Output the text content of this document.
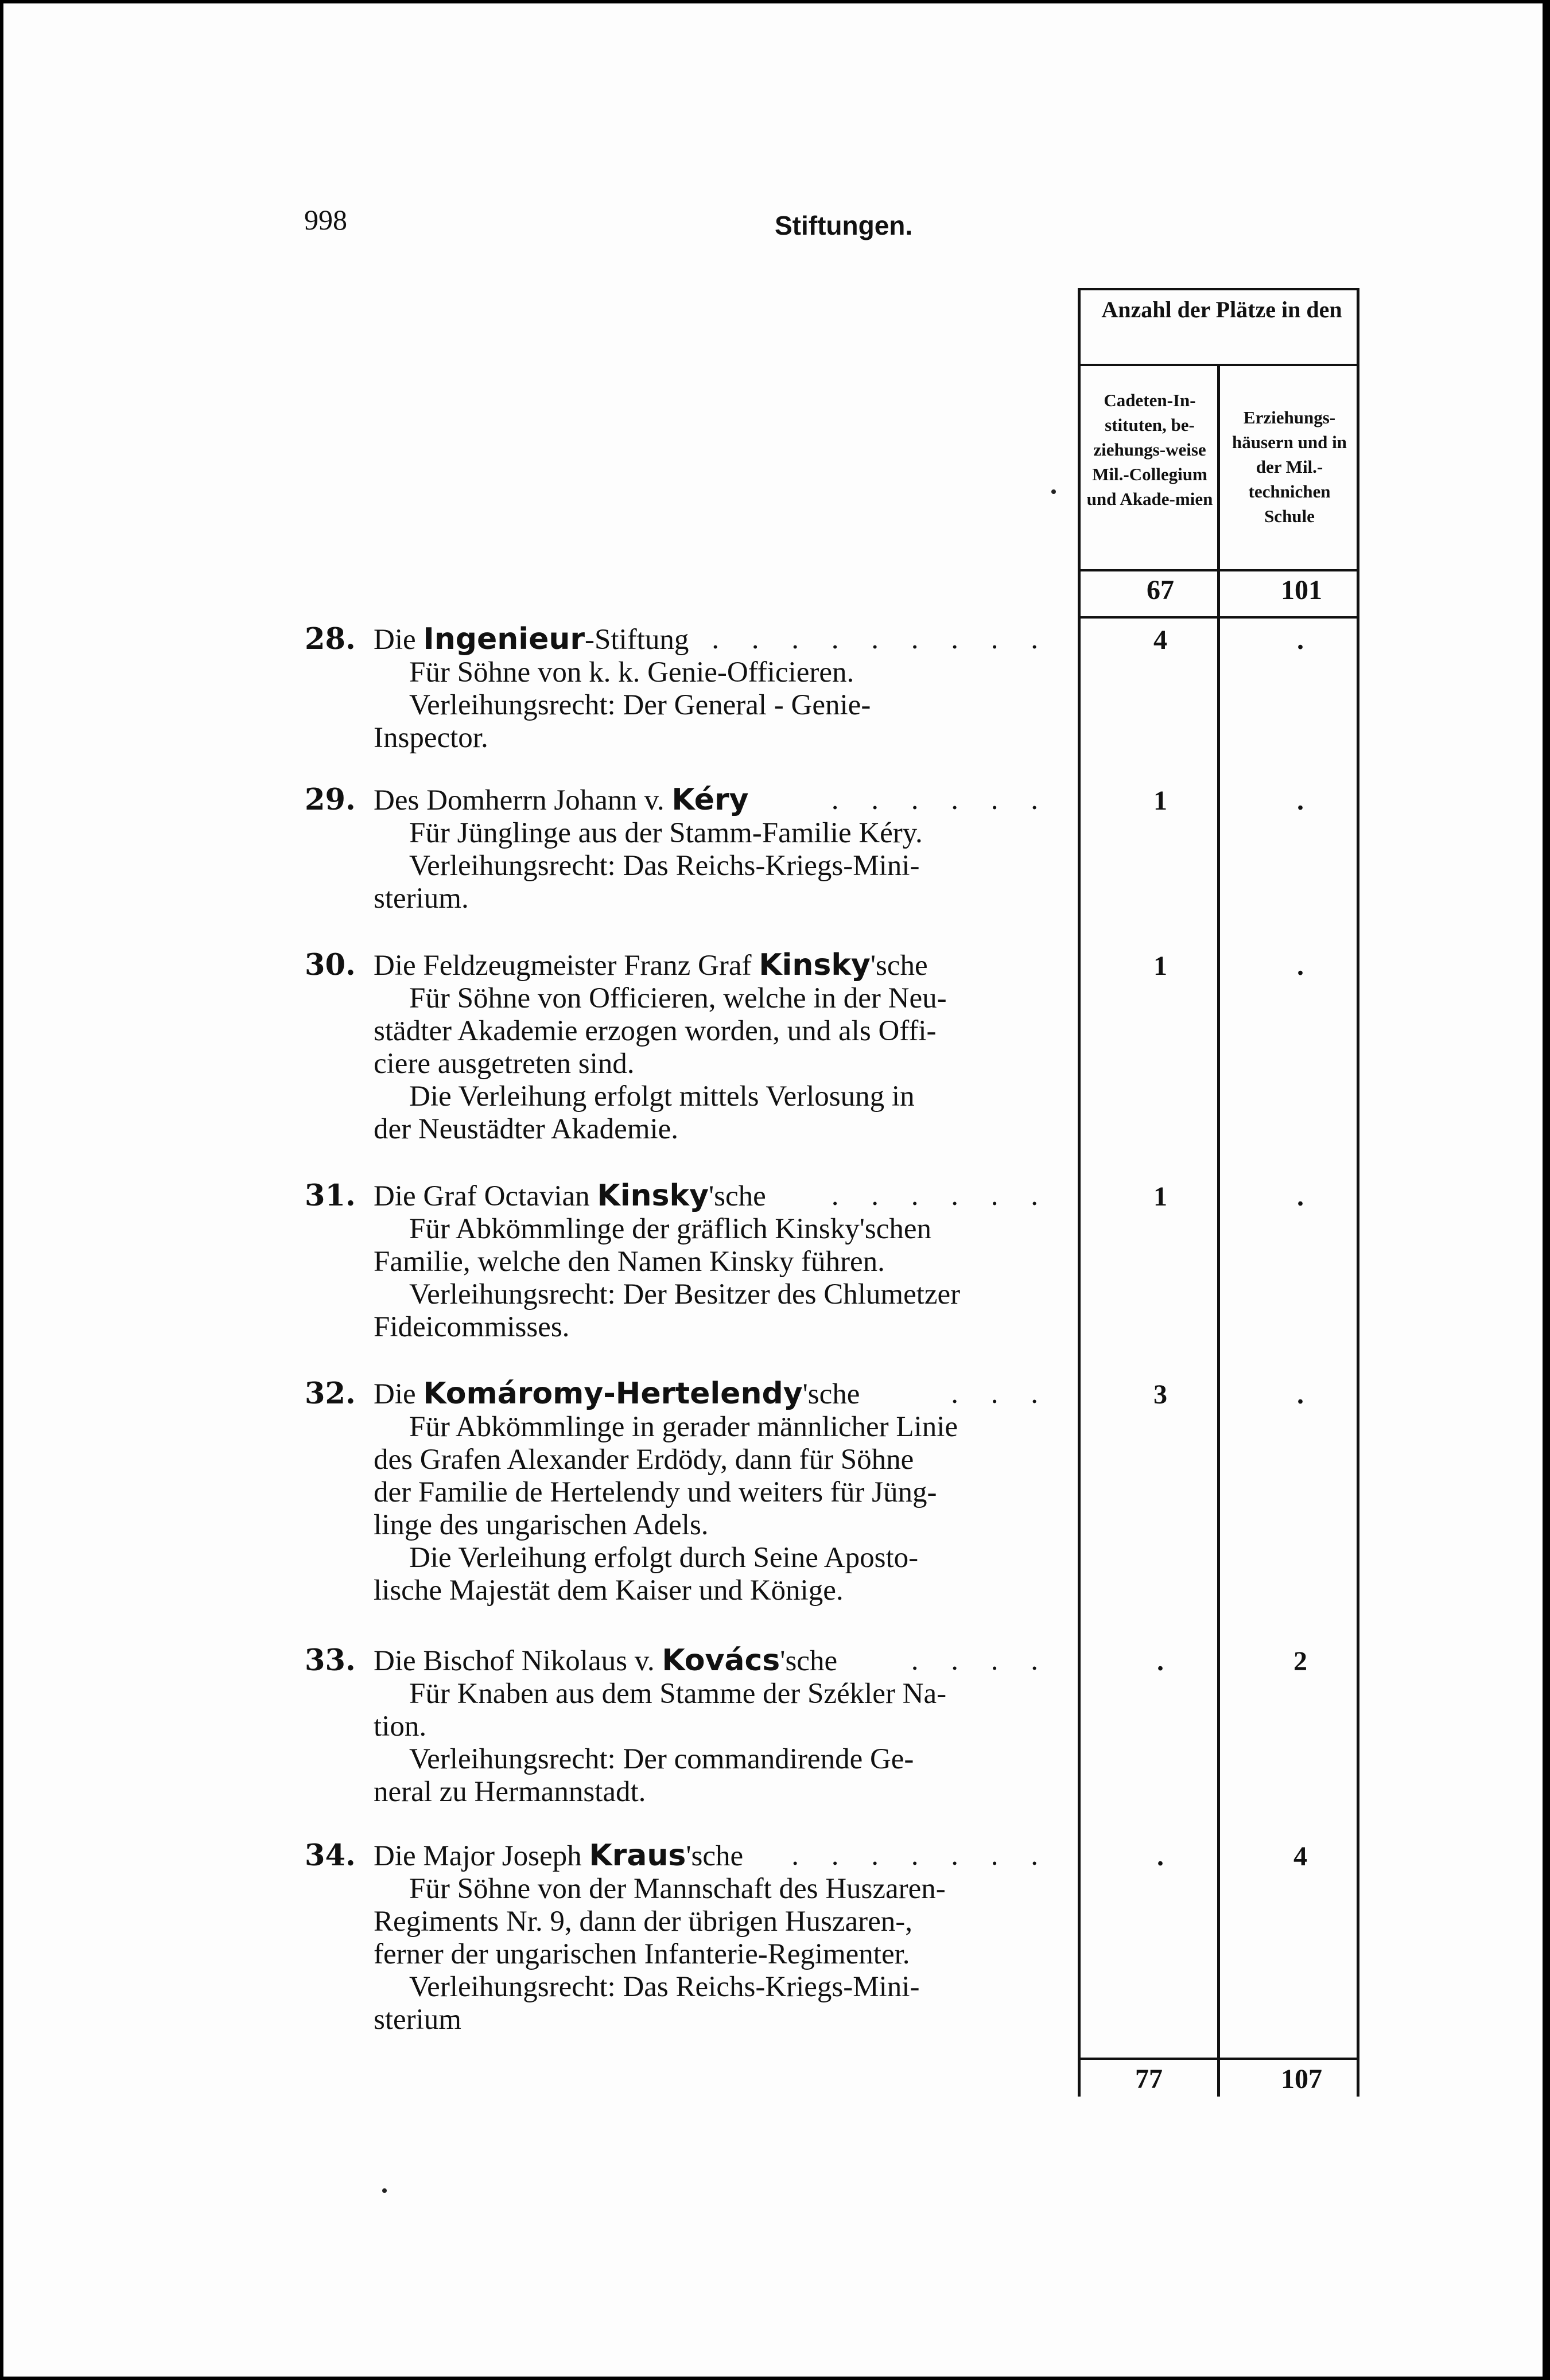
998	Stiftungen.
Anzahl der Plätze in den
Cadeten-In-stituten, be-ziehungs-weise Mil.-Collegium und Akade-mien
Erziehungs-häusern und in der Mil.-technichen Schule
67	101
28. Die Ingenieur-Stiftung . . . . . . . . .
Für Söhne von k. k. Genie-Officieren.
Verleihungsrecht: Der General - Genie-
Inspector.
4	.
29. Des Domherrn Johann v. Kéry	. . . . . .
Für Jünglinge aus der Stamm-Familie Kéry.
Verleihungsrecht: Das Reichs-Kriegs-Mini-
sterium.
1	.
30. Die Feldzeugmeister Franz Graf Kinsky'sche
Für Söhne von Officieren, welche in der Neu-
städter Akademie erzogen worden, und als Offi-
ciere ausgetreten sind.
Die Verleihung erfolgt mittels Verlosung in
der Neustädter Akademie.
1	.
31. Die Graf Octavian Kinsky'sche . . . . . .
Für Abkömmlinge der gräflich Kinsky'schen
Familie, welche den Namen Kinsky führen.
Verleihungsrecht: Der Besitzer des Chlumetzer
Fideicommisses.
1	.
32. Die Komáromy-Hertelendy'sche	. . .
Für Abkömmlinge in gerader männlicher Linie
des Grafen Alexander Erdödy, dann für Söhne
der Familie de Hertelendy und weiters für Jüng-
linge des ungarischen Adels.
Die Verleihung erfolgt durch Seine Aposto-
lische Majestät dem Kaiser und Könige.
3	.
33. Die Bischof Nikolaus v. Kovács'sche	. . . .
Für Knaben aus dem Stamme der Székler Na-
tion.
Verleihungsrecht: Der commandirende Ge-
neral zu Hermannstadt.
.	2
34. Die Major Joseph Kraus'sche . . . . . . .
Für Söhne von der Mannschaft des Huszaren-
Regiments Nr. 9, dann der übrigen Huszaren-,
ferner der ungarischen Infanterie-Regimenter.
Verleihungsrecht: Das Reichs-Kriegs-Mini-
sterium
.	4
77	107
